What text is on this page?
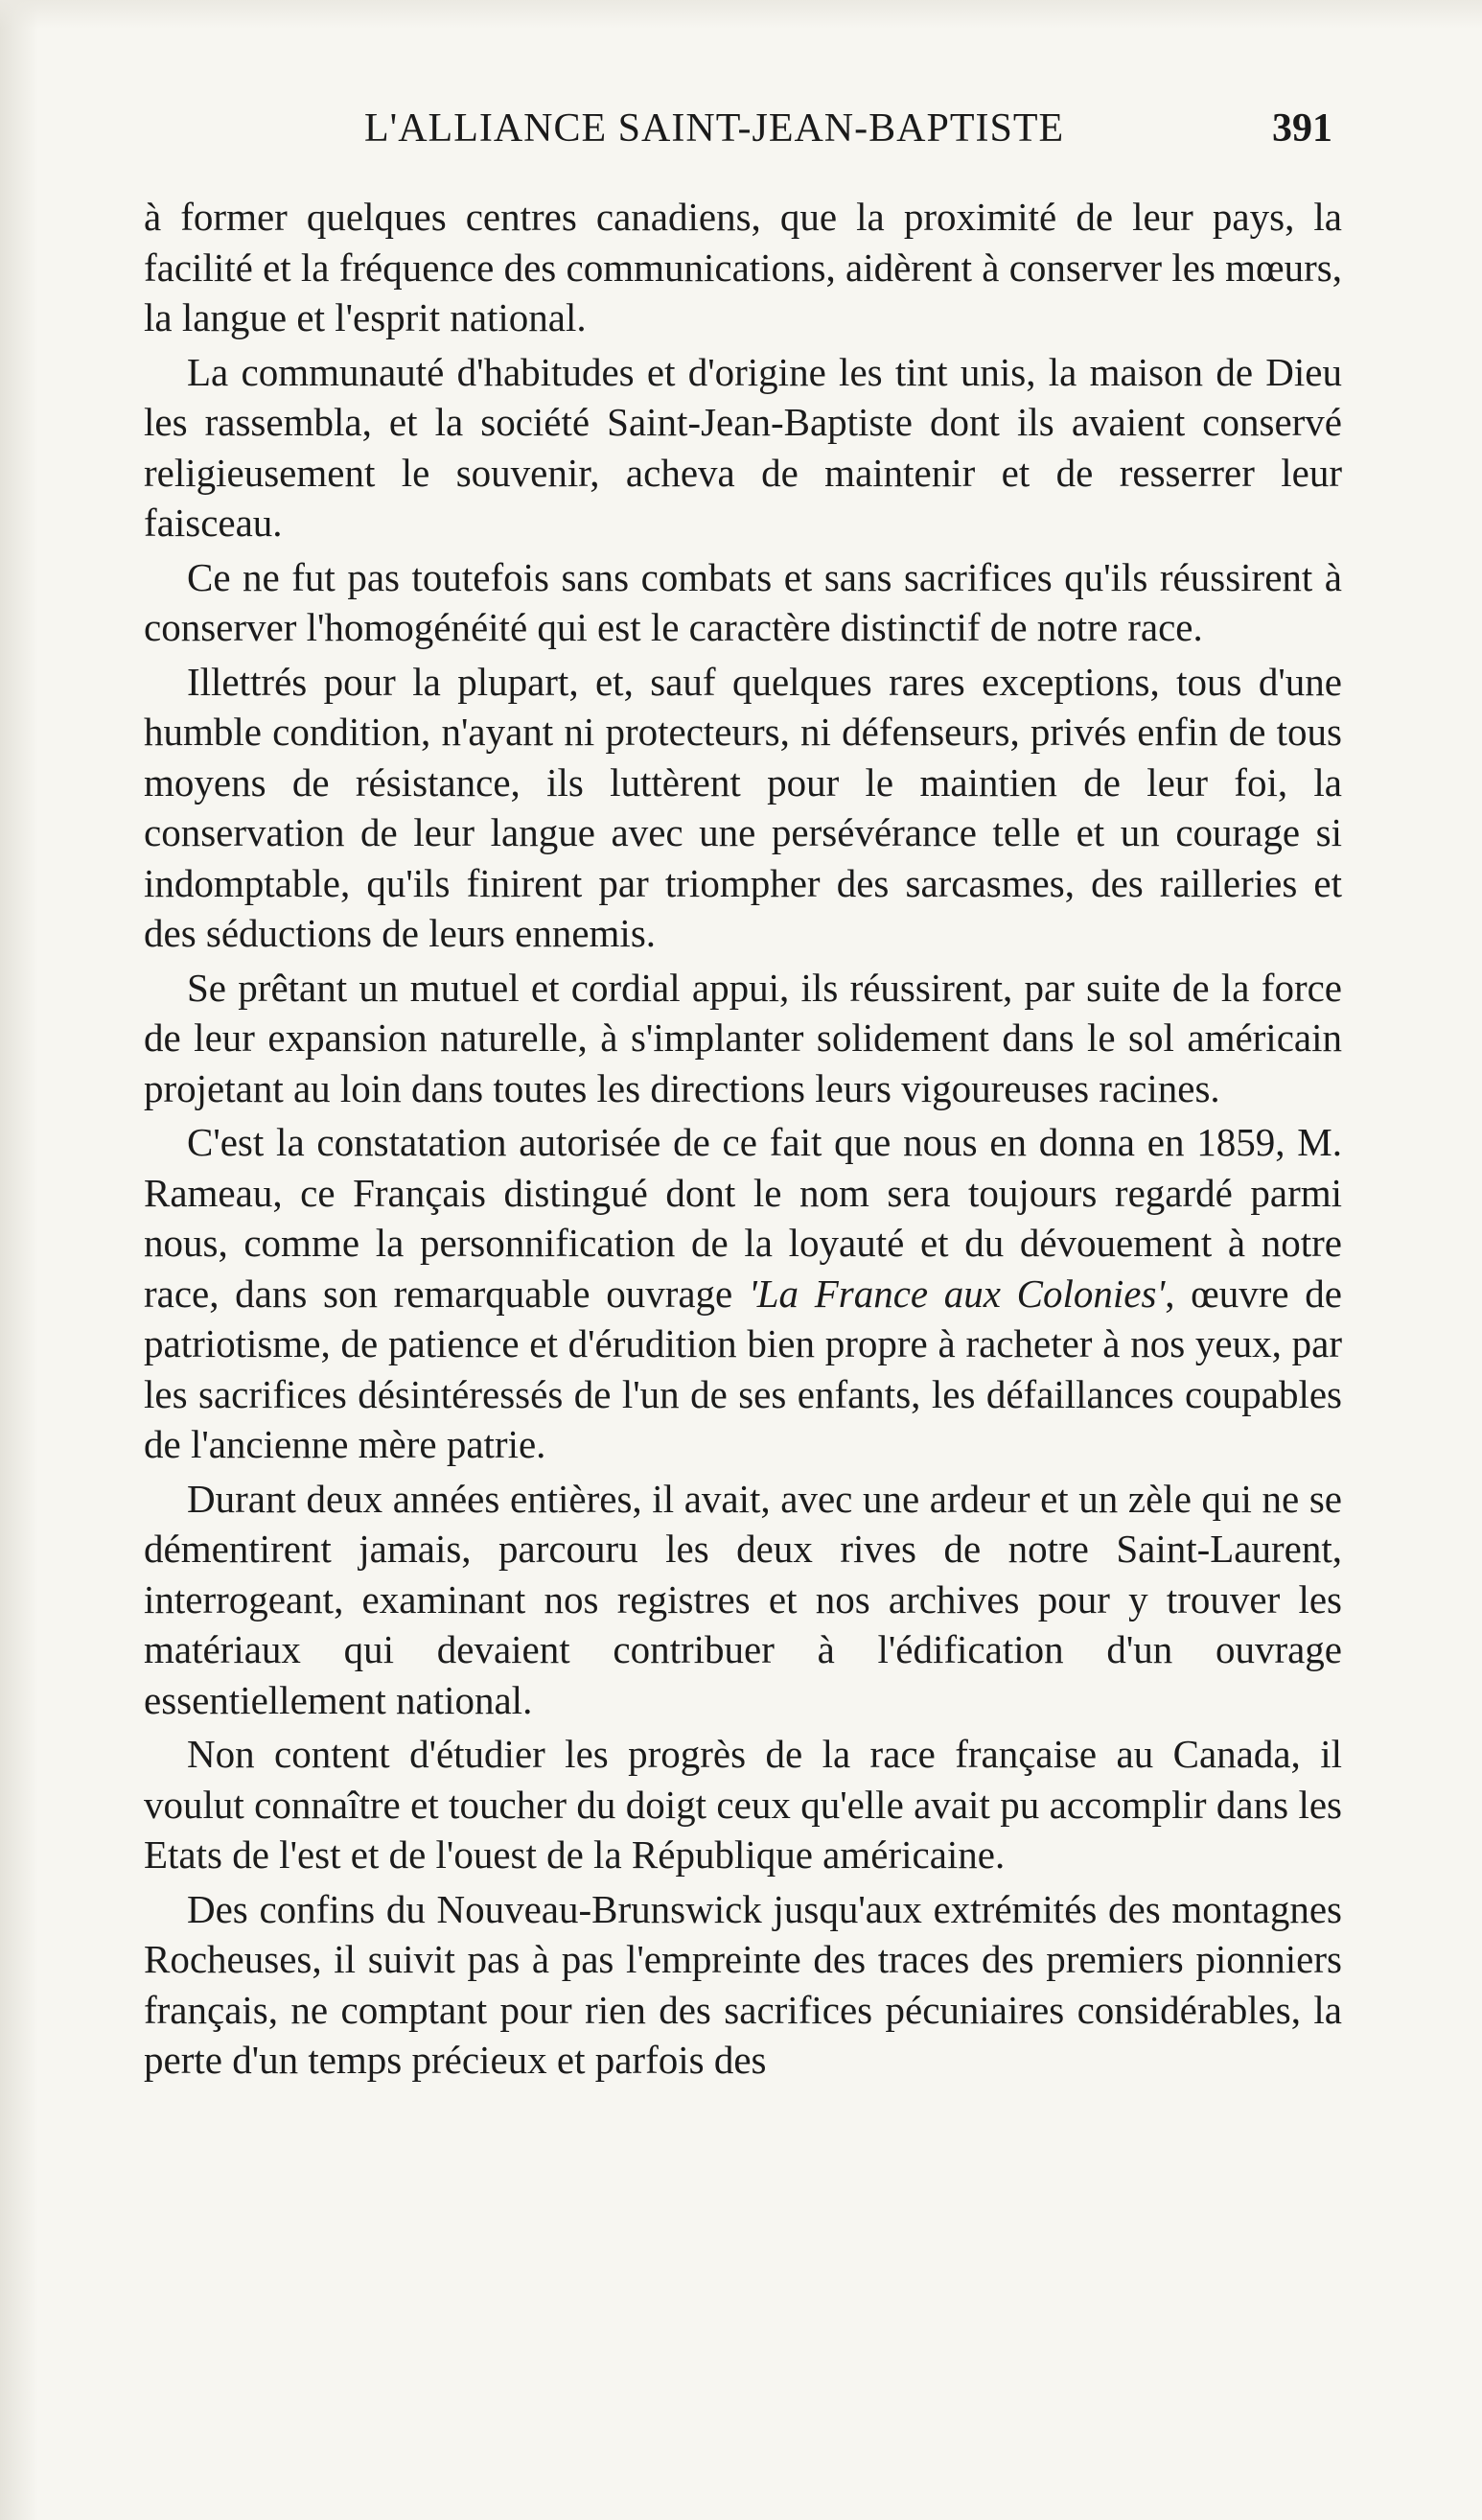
L'ALLIANCE SAINT-JEAN-BAPTISTE	391

à former quelques centres canadiens, que la proximité de leur pays, la facilité et la fréquence des communications, aidèrent à conserver les mœurs, la langue et l'esprit national.

La communauté d'habitudes et d'origine les tint unis, la maison de Dieu les rassembla, et la société Saint-Jean-Baptiste dont ils avaient conservé religieusement le souvenir, acheva de maintenir et de resserrer leur faisceau.

Ce ne fut pas toutefois sans combats et sans sacrifices qu'ils réussirent à conserver l'homogénéité qui est le caractère distinctif de notre race.

Illettrés pour la plupart, et, sauf quelques rares exceptions, tous d'une humble condition, n'ayant ni protecteurs, ni défenseurs, privés enfin de tous moyens de résistance, ils luttèrent pour le maintien de leur foi, la conservation de leur langue avec une persévérance telle et un courage si indomptable, qu'ils finirent par triompher des sarcasmes, des railleries et des séductions de leurs ennemis.

Se prêtant un mutuel et cordial appui, ils réussirent, par suite de la force de leur expansion naturelle, à s'implanter solidement dans le sol américain projetant au loin dans toutes les directions leurs vigoureuses racines.

C'est la constatation autorisée de ce fait que nous en donna en 1859, M. Rameau, ce Français distingué dont le nom sera toujours regardé parmi nous, comme la personnification de la loyauté et du dévouement à notre race, dans son remarquable ouvrage 'La France aux Colonies', œuvre de patriotisme, de patience et d'érudition bien propre à racheter à nos yeux, par les sacrifices désintéressés de l'un de ses enfants, les défaillances coupables de l'ancienne mère patrie.

Durant deux années entières, il avait, avec une ardeur et un zèle qui ne se démentirent jamais, parcouru les deux rives de notre Saint-Laurent, interrogeant, examinant nos registres et nos archives pour y trouver les matériaux qui devaient contribuer à l'édification d'un ouvrage essentiellement national.

Non content d'étudier les progrès de la race française au Canada, il voulut connaître et toucher du doigt ceux qu'elle avait pu accomplir dans les Etats de l'est et de l'ouest de la République américaine.

Des confins du Nouveau-Brunswick jusqu'aux extrémités des montagnes Rocheuses, il suivit pas à pas l'empreinte des traces des premiers pionniers français, ne comptant pour rien des sacrifices pécuniaires considérables, la perte d'un temps précieux et parfois des
